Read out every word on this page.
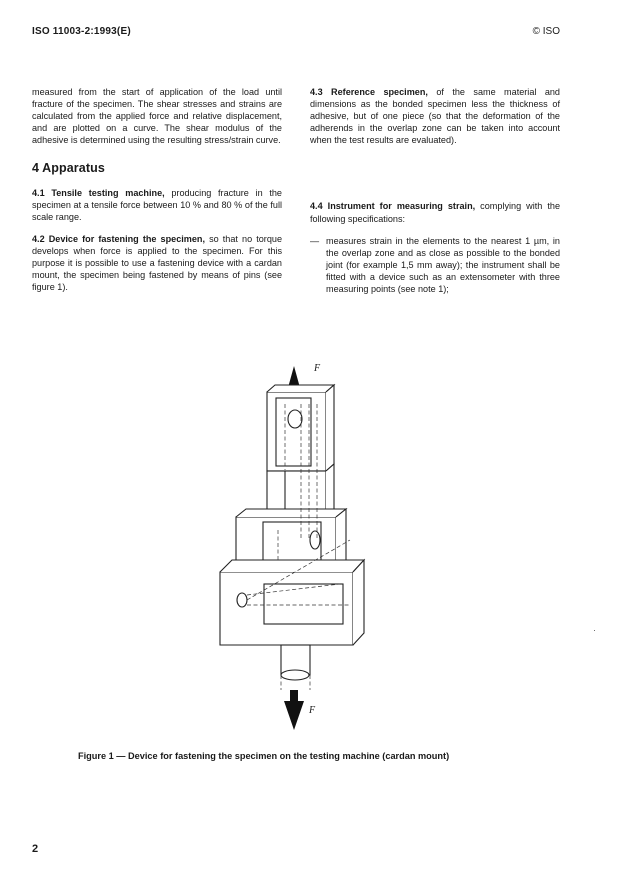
ISO 11003-2:1993(E)	© ISO

measured from the start of application of the load until fracture of the specimen. The shear stresses and strains are calculated from the applied force and relative displacement, and are plotted on a curve. The shear modulus of the adhesive is determined using the resulting stress/strain curve.

4 Apparatus

4.1 Tensile testing machine, producing fracture in the specimen at a tensile force between 10 % and 80 % of the full scale range.

4.2 Device for fastening the specimen, so that no torque develops when force is applied to the specimen. For this purpose it is possible to use a fastening device with a cardan mount, the specimen being fastened by means of pins (see figure 1).

4.3 Reference specimen, of the same material and dimensions as the bonded specimen less the thickness of adhesive, but of one piece (so that the deformation of the adherends in the overlap zone can be taken into account when the test results are evaluated).

4.4 Instrument for measuring strain, complying with the following specifications:

— measures strain in the elements to the nearest 1 µm, in the overlap zone and as close as possible to the bonded joint (for example 1,5 mm away); the instrument shall be fitted with a device such as an extensometer with three measuring points (see note 1);
F
F
Figure 1 — Device for fastening the specimen on the testing machine (cardan mount)
·
2
